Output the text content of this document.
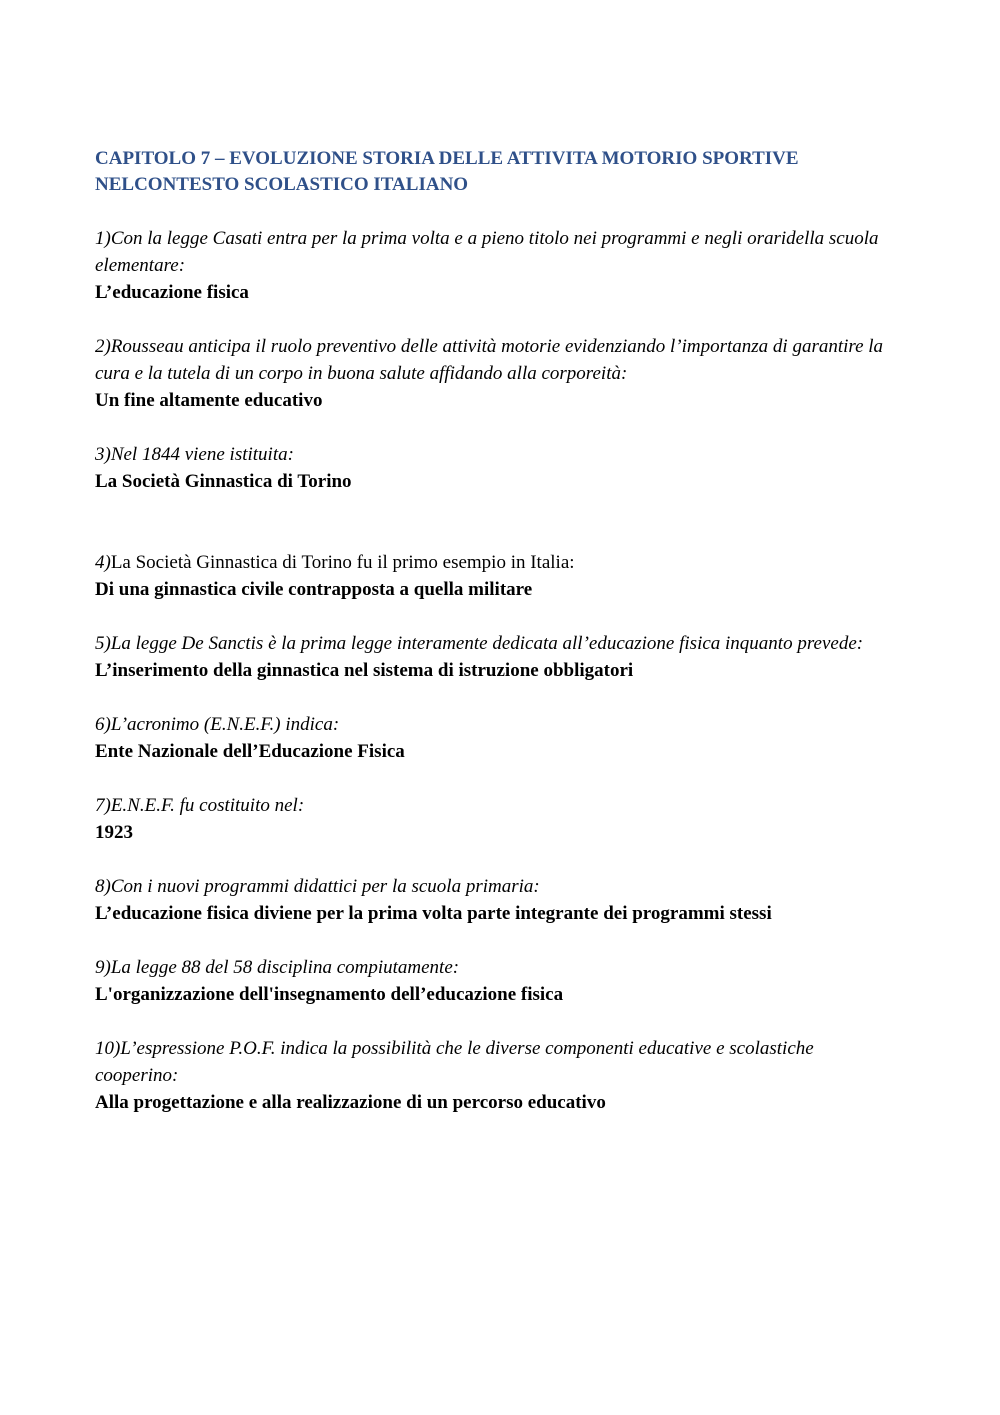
CAPITOLO 7 – EVOLUZIONE STORIA DELLE ATTIVITA MOTORIO SPORTIVE
NELCONTESTO SCOLASTICO ITALIANO
1)Con la legge Casati entra per la prima volta e a pieno titolo nei programmi e negli oraridella scuola elementare:
L’educazione fisica
2)Rousseau anticipa il ruolo preventivo delle attività motorie evidenziando l’importanza di garantire la cura e la tutela di un corpo in buona salute affidando alla corporeità:
Un fine altamente educativo
3)Nel 1844 viene istituita:
La Società Ginnastica di Torino
4)La Società Ginnastica di Torino fu il primo esempio in Italia:
Di una ginnastica civile contrapposta a quella militare
5)La legge De Sanctis è la prima legge interamente dedicata all’educazione fisica inquanto prevede:
L’inserimento della ginnastica nel sistema di istruzione obbligatori
6)L’acronimo (E.N.E.F.) indica:
Ente Nazionale dell’Educazione Fisica
7)E.N.E.F. fu costituito nel:
1923
8)Con i nuovi programmi didattici per la scuola primaria:
L’educazione fisica diviene per la prima volta parte integrante dei programmi stessi
9)La legge 88 del 58 disciplina compiutamente:
L'organizzazione dell'insegnamento dell’educazione fisica
10)L’espressione P.O.F. indica la possibilità che le diverse componenti educative e scolastiche cooperino:
Alla progettazione e alla realizzazione di un percorso educativo
